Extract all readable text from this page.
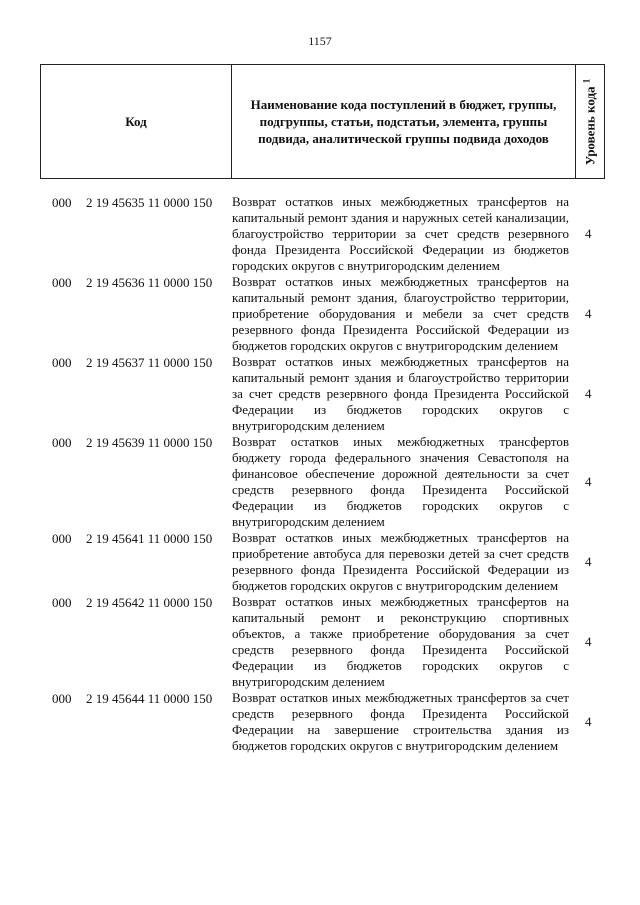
1157
Код
Наименование кода поступлений в бюджет, группы, подгруппы, статьи, подстатьи, элемента, группы подвида, аналитической группы подвида доходов	Уровень кода $^1$
000 2 19 45635 11 0000 150 Возврат остатков иных межбюджетных трансфертов на капитальный ремонт здания и наружных сетей канализации, благоустройство территории за счет средств резервного фонда Президента Российской Федерации из бюджетов городских округов с внутригородским делением
4
000 2 19 45636 11 0000 150 Возврат остатков иных межбюджетных трансфертов на капитальный ремонт здания, благоустройство территории, приобретение оборудования и мебели за счет средств резервного фонда Президента Российской Федерации из бюджетов городских округов с внутригородским делением
4
000 2 19 45637 11 0000 150 Возврат остатков иных межбюджетных трансфертов на капитальный ремонт здания и благоустройство территории за счет средств резервного фонда Президента Российской Федерации из бюджетов городских округов с внутригородским делением
4
000 2 19 45639 11 0000 150 Возврат остатков иных межбюджетных трансфертов бюджету города федерального значения Севастополя на финансовое обеспечение дорожной деятельности за счет средств резервного фонда Президента Российской Федерации из бюджетов городских округов с внутригородским делением
4
000 2 19 45641 11 0000 150 Возврат остатков иных межбюджетных трансфертов на приобретение автобуса для перевозки детей за счет средств резервного фонда Президента Российской Федерации из бюджетов городских округов с внутригородским делением
4
000 2 19 45642 11 0000 150 Возврат остатков иных межбюджетных трансфертов на капитальный ремонт и реконструкцию спортивных объектов, а также приобретение оборудования за счет средств резервного фонда Президента Российской Федерации из бюджетов городских округов с внутригородским делением
4
000 2 19 45644 11 0000 150 Возврат остатков иных межбюджетных трансфертов за счет средств резервного фонда Президента Российской Федерации на завершение строительства здания из бюджетов городских округов с внутригородским делением
4
